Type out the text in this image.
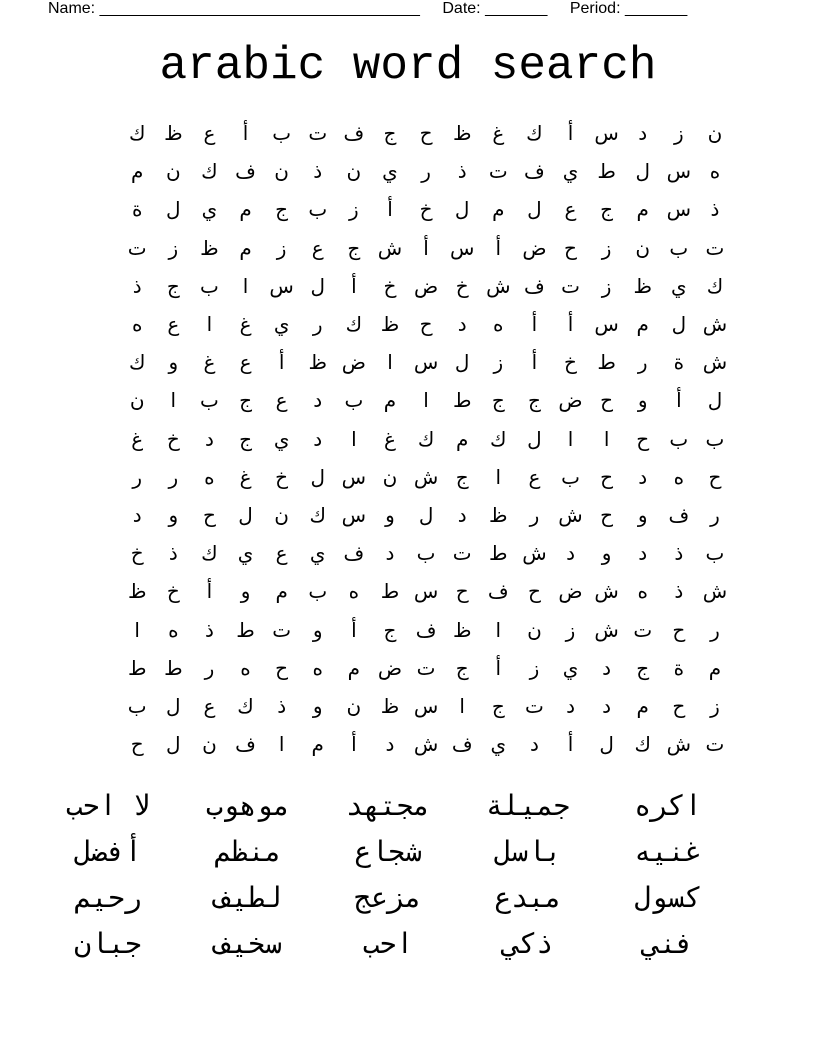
Name: ____________________________________ Date: _______ Period: _______
arabic word search
ن
ز
د
س
أ
ك
غ
ظ
ح
ج
ف
ت
ب
أ
ع
ظ
ك
ه
س
ل
ط
ي
ف
ت
ذ
ر
ي
ن
ذ
ن
ف
ك
ن
م
ذ
س
م
ج
ع
ل
م
ل
خ
أ
ز
ب
ج
م
ي
ل
ة
ت
ب
ن
ز
ح
ض
أ
س
أ
ش
ج
ع
ز
م
ظ
ز
ت
ك
ي
ظ
ز
ت
ف
ش
خ
ض
خ
أ
ل
س
ا
ب
ج
ذ
ش
ل
م
س
أ
أ
ه
د
ح
ظ
ك
ر
ي
غ
ا
ع
ه
ش
ة
ر
ط
خ
أ
ز
ل
س
ا
ض
ظ
أ
ع
غ
و
ك
ل
أ
و
ح
ض
ج
ج
ط
ا
م
ب
د
ع
ج
ب
ا
ن
ب
ب
ح
ا
ا
ل
ك
م
ك
غ
ا
د
ي
ج
د
خ
غ
ح
ه
د
ح
ب
ع
ا
ج
ش
ن
س
ل
خ
غ
ه
ر
ر
ر
ف
و
ح
ش
ر
ظ
د
ل
و
س
ك
ن
ل
ح
و
د
ب
ذ
د
و
د
ش
ط
ت
ب
د
ف
ي
ع
ي
ك
ذ
خ
ش
ذ
ه
ش
ض
ح
ف
ح
س
ط
ه
ب
م
و
أ
خ
ظ
ر
ح
ت
ش
ز
ن
ا
ظ
ف
ج
أ
و
ت
ط
ذ
ه
ا
م
ة
ج
د
ي
ز
أ
ج
ت
ض
م
ه
ح
ه
ر
ط
ط
ز
ح
م
د
د
ت
ج
ا
س
ظ
ن
و
ذ
ك
ع
ل
ب
ت
ش
ك
ل
أ
د
ي
ف
ش
د
أ
م
ا
ف
ن
ل
ح
اكره
جميلة
مجتهد
موهوب
لا احب
غنيه
باسل
شجاع
منظم
أفضل
كسول
مبدع
مزعج
لطيف
رحيم
فني
ذكي
احب
سخيف
جبان
